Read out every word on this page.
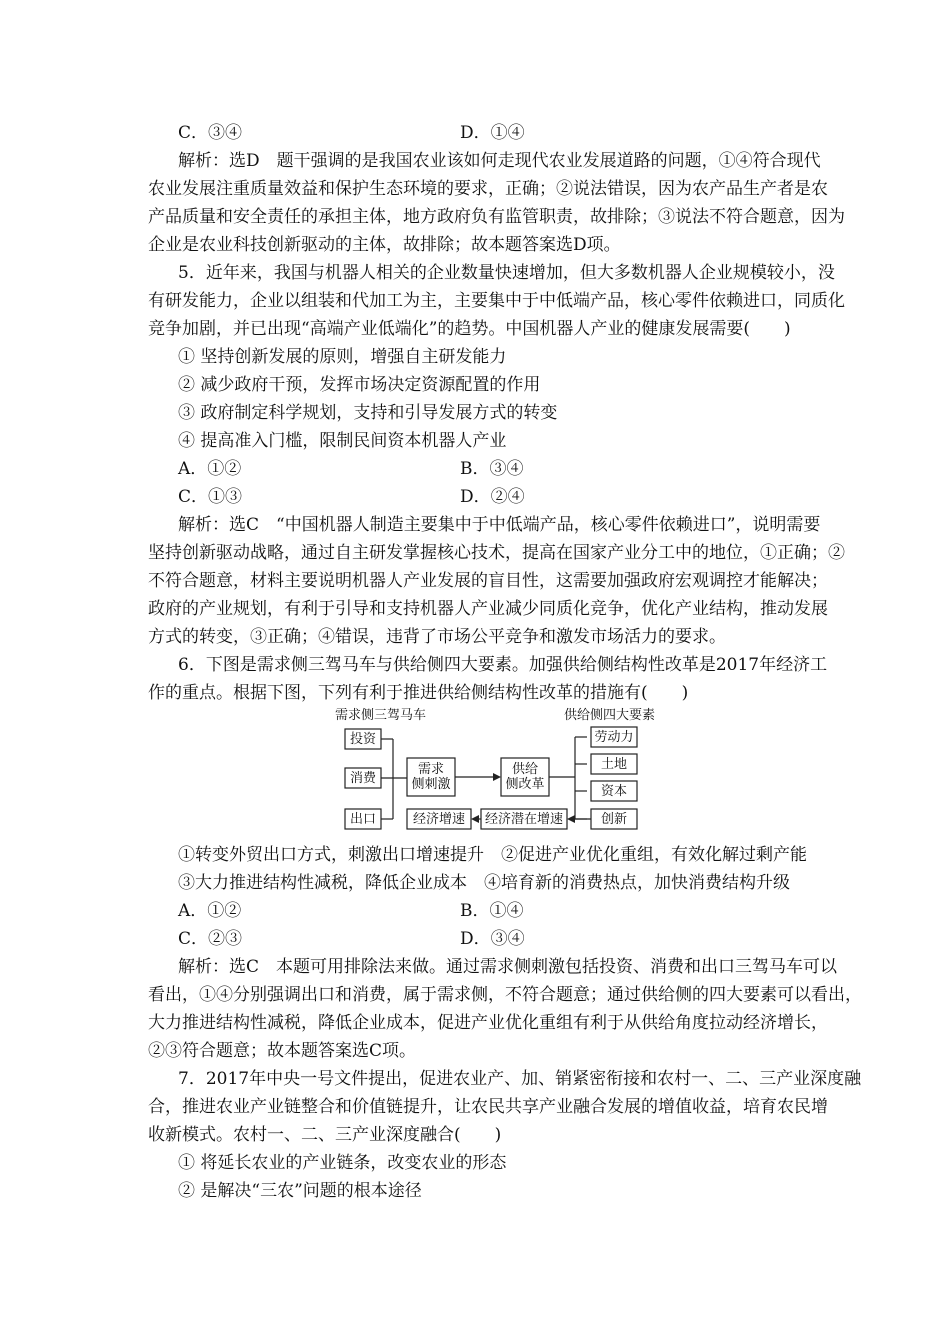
C．③④	D．①④
解析：选D　题干强调的是我国农业该如何走现代农业发展道路的问题，①④符合现代
农业发展注重质量效益和保护生态环境的要求，正确；②说法错误，因为农产品生产者是农
产品质量和安全责任的承担主体，地方政府负有监管职责，故排除；③说法不符合题意，因为
企业是农业科技创新驱动的主体，故排除；故本题答案选D项。
5．近年来，我国与机器人相关的企业数量快速增加，但大多数机器人企业规模较小，没
有研发能力，企业以组装和代加工为主，主要集中于中低端产品，核心零件依赖进口，同质化
竞争加剧，并已出现“高端产业低端化”的趋势。中国机器人产业的健康发展需要(　　)
① 坚持创新发展的原则，增强自主研发能力
② 减少政府干预，发挥市场决定资源配置的作用
③ 政府制定科学规划，支持和引导发展方式的转变
④ 提高准入门槛，限制民间资本机器人产业
A．①②	B．③④
C．①③	D．②④
解析：选C　“中国机器人制造主要集中于中低端产品，核心零件依赖进口”，说明需要
坚持创新驱动战略，通过自主研发掌握核心技术，提高在国家产业分工中的地位，①正确；②
不符合题意，材料主要说明机器人产业发展的盲目性，这需要加强政府宏观调控才能解决；
政府的产业规划，有利于引导和支持机器人产业减少同质化竞争，优化产业结构，推动发展
方式的转变，③正确；④错误，违背了市场公平竞争和激发市场活力的要求。
6．下图是需求侧三驾马车与供给侧四大要素。加强供给侧结构性改革是2017年经济工
作的重点。根据下图，下列有利于推进供给侧结构性改革的措施有(　　)
①转变外贸出口方式，刺激出口增速提升　②促进产业优化重组，有效化解过剩产能
③大力推进结构性减税，降低企业成本　④培育新的消费热点，加快消费结构升级
A．①②	B．①④
C．②③	D．③④
解析：选C　本题可用排除法来做。通过需求侧刺激包括投资、消费和出口三驾马车可以
看出，①④分别强调出口和消费，属于需求侧，不符合题意；通过供给侧的四大要素可以看出，
大力推进结构性减税，降低企业成本，促进产业优化重组有利于从供给角度拉动经济增长，
②③符合题意；故本题答案选C项。
7．2017年中央一号文件提出，促进农业产、加、销紧密衔接和农村一、二、三产业深度融
合，推进农业产业链整合和价值链提升，让农民共享产业融合发展的增值收益，培育农民增
收新模式。农村一、二、三产业深度融合(　　)
① 将延长农业的产业链条，改变农业的形态
② 是解决“三农”问题的根本途径
需求侧三驾马车	供给侧四大要素
投资
消费
出口
需求
侧刺激
供给
侧改革
经济增速	经济潜在增速
劳动力
土地
资本
创新
